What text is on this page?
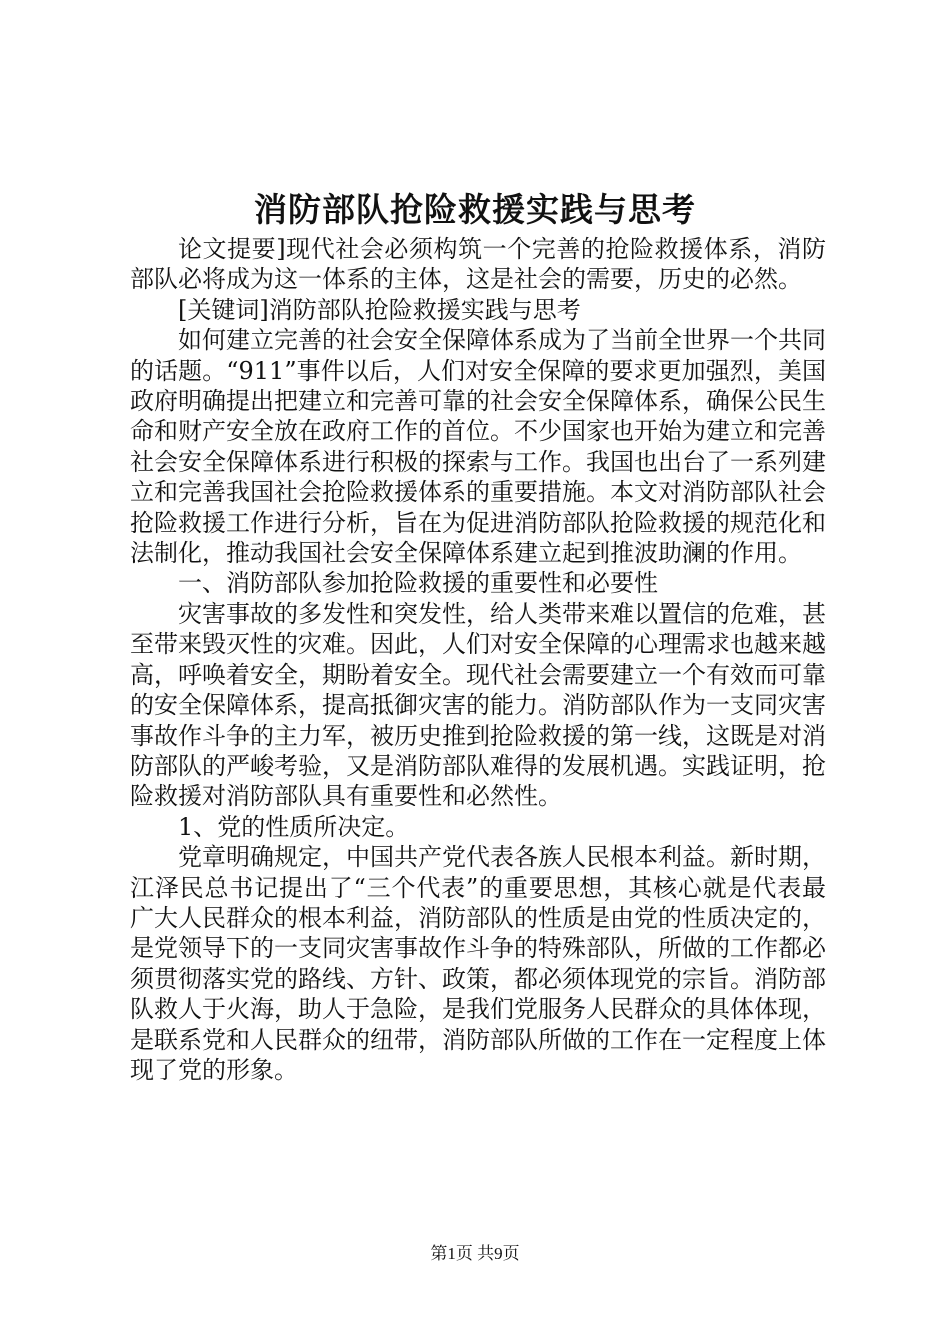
消防部队抢险救援实践与思考

论文提要]现代社会必须构筑一个完善的抢险救援体系，消防部队必将成为这一体系的主体，这是社会的需要，历史的必然。

[关键词]消防部队抢险救援实践与思考

如何建立完善的社会安全保障体系成为了当前全世界一个共同的话题。“911”事件以后，人们对安全保障的要求更加强烈，美国政府明确提出把建立和完善可靠的社会安全保障体系，确保公民生命和财产安全放在政府工作的首位。不少国家也开始为建立和完善社会安全保障体系进行积极的探索与工作。我国也出台了一系列建立和完善我国社会抢险救援体系的重要措施。本文对消防部队社会抢险救援工作进行分析，旨在为促进消防部队抢险救援的规范化和法制化，推动我国社会安全保障体系建立起到推波助澜的作用。

一、消防部队参加抢险救援的重要性和必要性

灾害事故的多发性和突发性，给人类带来难以置信的危难，甚至带来毁灭性的灾难。因此，人们对安全保障的心理需求也越来越高，呼唤着安全，期盼着安全。现代社会需要建立一个有效而可靠的安全保障体系，提高抵御灾害的能力。消防部队作为一支同灾害事故作斗争的主力军，被历史推到抢险救援的第一线，这既是对消防部队的严峻考验，又是消防部队难得的发展机遇。实践证明，抢险救援对消防部队具有重要性和必然性。

1、党的性质所决定。

党章明确规定，中国共产党代表各族人民根本利益。新时期，江泽民总书记提出了“三个代表”的重要思想，其核心就是代表最广大人民群众的根本利益，消防部队的性质是由党的性质决定的，是党领导下的一支同灾害事故作斗争的特殊部队，所做的工作都必须贯彻落实党的路线、方针、政策，都必须体现党的宗旨。消防部队救人于火海，助人于急险，是我们党服务人民群众的具体体现，是联系党和人民群众的纽带，消防部队所做的工作在一定程度上体现了党的形象。

第1页 共9页
